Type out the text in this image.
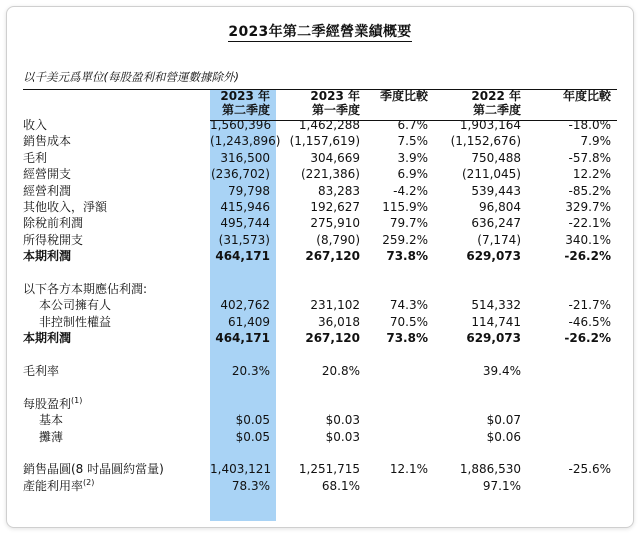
2023年第二季經營業績概要
以千美元爲單位(每股盈利和營運數據除外)
	2023 年	2023 年	季度比較	2022 年	年度比較
	第二季度	第一季度		第二季度	
收入	1,560,396	1,462,288	6.7%	1,903,164	-18.0%
銷售成本	(1,243,896)	(1,157,619)	7.5%	(1,152,676)	7.9%
毛利	316,500	304,669	3.9%	750,488	-57.8%
經營開支	(236,702)	(221,386)	6.9%	(211,045)	12.2%
經營利潤	79,798	83,283	-4.2%	539,443	-85.2%
其他收入，淨額	415,946	192,627	115.9%	96,804	329.7%
除稅前利潤	495,744	275,910	79.7%	636,247	-22.1%
所得稅開支	(31,573)	(8,790)	259.2%	(7,174)	340.1%
本期利潤	464,171	267,120	73.8%	629,073	-26.2%

以下各方本期應佔利潤:					
本公司擁有人	402,762	231,102	74.3%	514,332	-21.7%
非控制性權益	61,409	36,018	70.5%	114,741	-46.5%
本期利潤	464,171	267,120	73.8%	629,073	-26.2%

毛利率	20.3%	20.8%		39.4%	

每股盈利$^{(1)}$					
基本	$0.05	$0.03		$0.07	
攤薄	$0.05	$0.03		$0.06	

銷售晶圓(8 吋晶圓約當量)	1,403,121	1,251,715	12.1%	1,886,530	-25.6%
產能利用率$^{(2)}$	78.3%	68.1%		97.1%	
